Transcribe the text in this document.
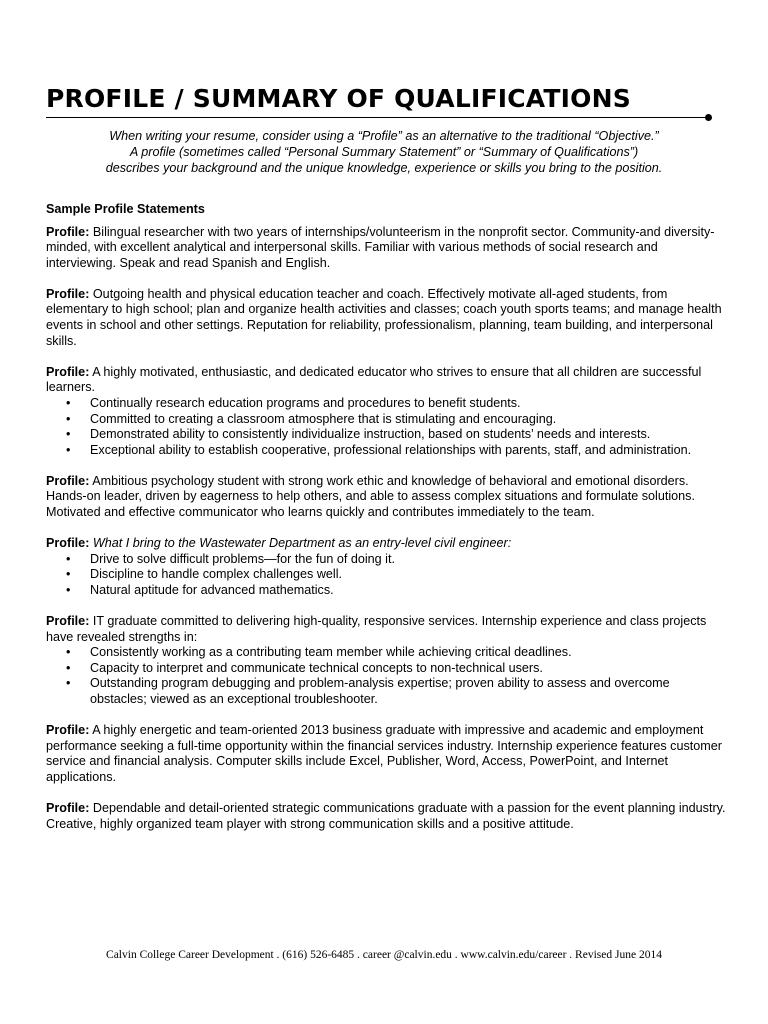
PROFILE / SUMMARY OF QUALIFICATIONS
When writing your resume, consider using a “Profile” as an alternative to the traditional “Objective.”
A profile (sometimes called “Personal Summary Statement” or “Summary of Qualifications”)
describes your background and the unique knowledge, experience or skills you bring to the position.
Sample Profile Statements

Profile: Bilingual researcher with two years of internships/volunteerism in the nonprofit sector. Community-and diversity-minded, with excellent analytical and interpersonal skills. Familiar with various methods of social research and interviewing. Speak and read Spanish and English.

Profile: Outgoing health and physical education teacher and coach. Effectively motivate all-aged students, from elementary to high school; plan and organize health activities and classes; coach youth sports teams; and manage health events in school and other settings. Reputation for reliability, professionalism, planning, team building, and interpersonal skills.

Profile: A highly motivated, enthusiastic, and dedicated educator who strives to ensure that all children are successful learners.

• Continually research education programs and procedures to benefit students.
• Committed to creating a classroom atmosphere that is stimulating and encouraging.
• Demonstrated ability to consistently individualize instruction, based on students’ needs and interests.
• Exceptional ability to establish cooperative, professional relationships with parents, staff, and administration.

Profile: Ambitious psychology student with strong work ethic and knowledge of behavioral and emotional disorders. Hands-on leader, driven by eagerness to help others, and able to assess complex situations and formulate solutions. Motivated and effective communicator who learns quickly and contributes immediately to the team.

Profile: What I bring to the Wastewater Department as an entry-level civil engineer:

• Drive to solve difficult problems—for the fun of doing it.
• Discipline to handle complex challenges well.
• Natural aptitude for advanced mathematics.

Profile: IT graduate committed to delivering high-quality, responsive services. Internship experience and class projects have revealed strengths in:

• Consistently working as a contributing team member while achieving critical deadlines.
• Capacity to interpret and communicate technical concepts to non-technical users.
• Outstanding program debugging and problem-analysis expertise; proven ability to assess and overcome obstacles; viewed as an exceptional troubleshooter.

Profile: A highly energetic and team-oriented 2013 business graduate with impressive and academic and employment performance seeking a full-time opportunity within the financial services industry. Internship experience features customer service and financial analysis. Computer skills include Excel, Publisher, Word, Access, PowerPoint, and Internet applications.

Profile: Dependable and detail-oriented strategic communications graduate with a passion for the event planning industry. Creative, highly organized team player with strong communication skills and a positive attitude.

Calvin College Career Development . (616) 526-6485 . career @calvin.edu . www.calvin.edu/career . Revised June 2014
